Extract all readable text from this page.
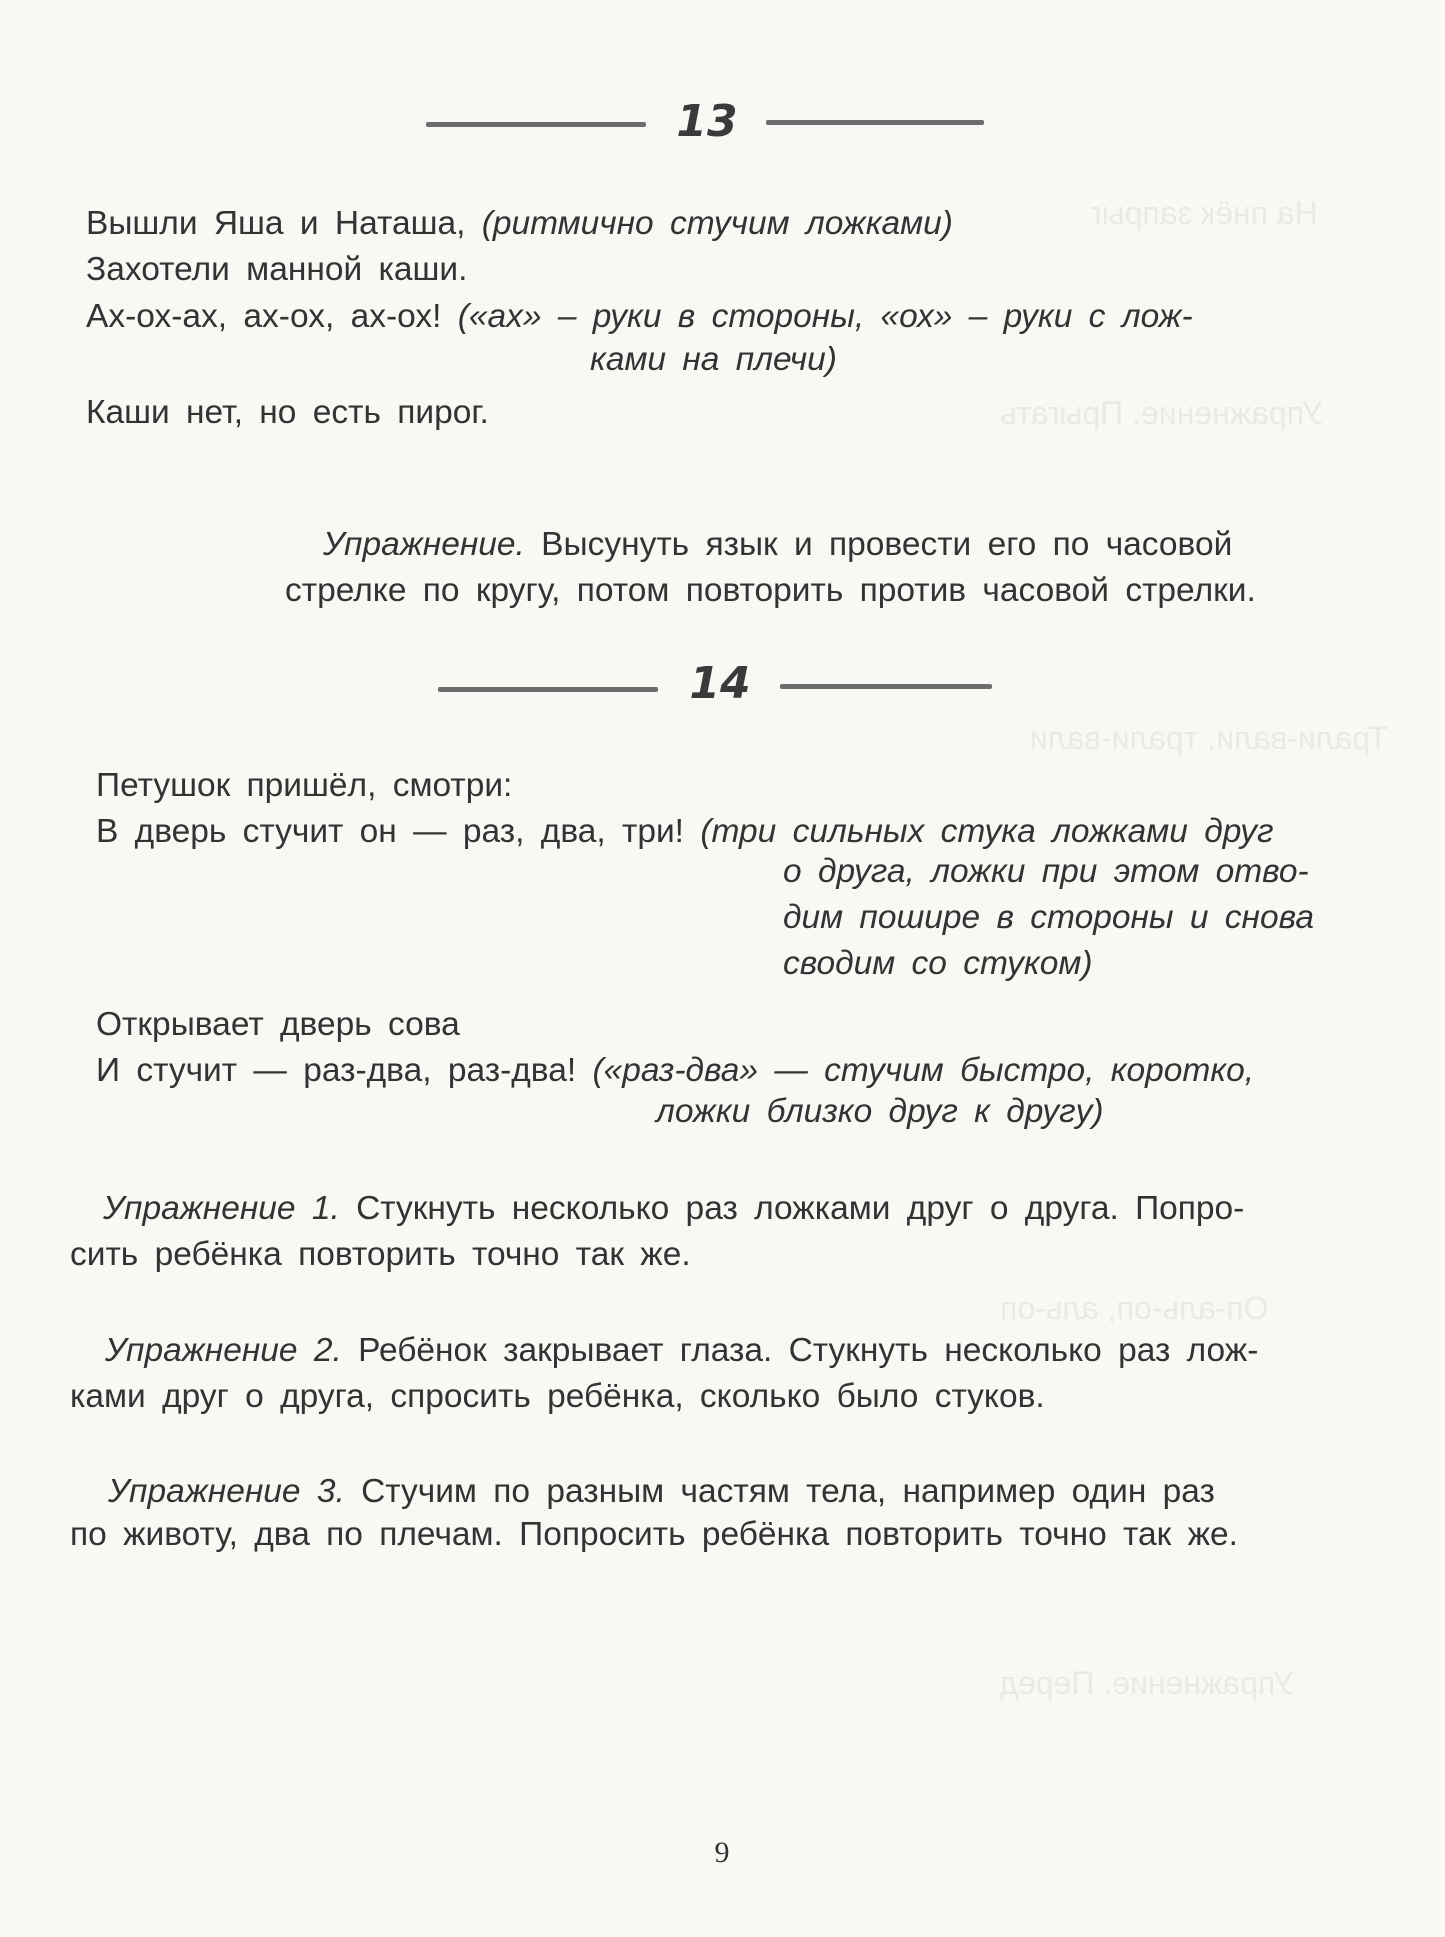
На пнёк запрыг
Упражнение. Прыгать
Трали-вали, трали-вали
Оп-аль-оп, аль-оп
Упражнение. Перед
13
Вышли Яша и Наташа, (ритмично стучим ложками)
Захотели манной каши.
Ах-ох-ах, ах-ох, ах-ох! («ах» – руки в стороны, «ох» – руки с лож-
ками на плечи)
Каши нет, но есть пирог.
Упражнение. Высунуть язык и провести его по часовой
стрелке по кругу, потом повторить против часовой стрелки.
14
Петушок пришёл, смотри:
В дверь стучит он — раз, два, три! (три сильных стука ложками друг
о друга, ложки при этом отво-
дим пошире в стороны и снова
сводим со стуком)
Открывает дверь сова
И стучит — раз-два, раз-два! («раз-два» — стучим быстро, коротко,
ложки близко друг к другу)
Упражнение 1. Стукнуть несколько раз ложками друг о друга. Попро-
сить ребёнка повторить точно так же.
Упражнение 2. Ребёнок закрывает глаза. Стукнуть несколько раз лож-
ками друг о друга, спросить ребёнка, сколько было стуков.
Упражнение 3. Стучим по разным частям тела, например один раз
по животу, два по плечам. Попросить ребёнка повторить точно так же.
9
